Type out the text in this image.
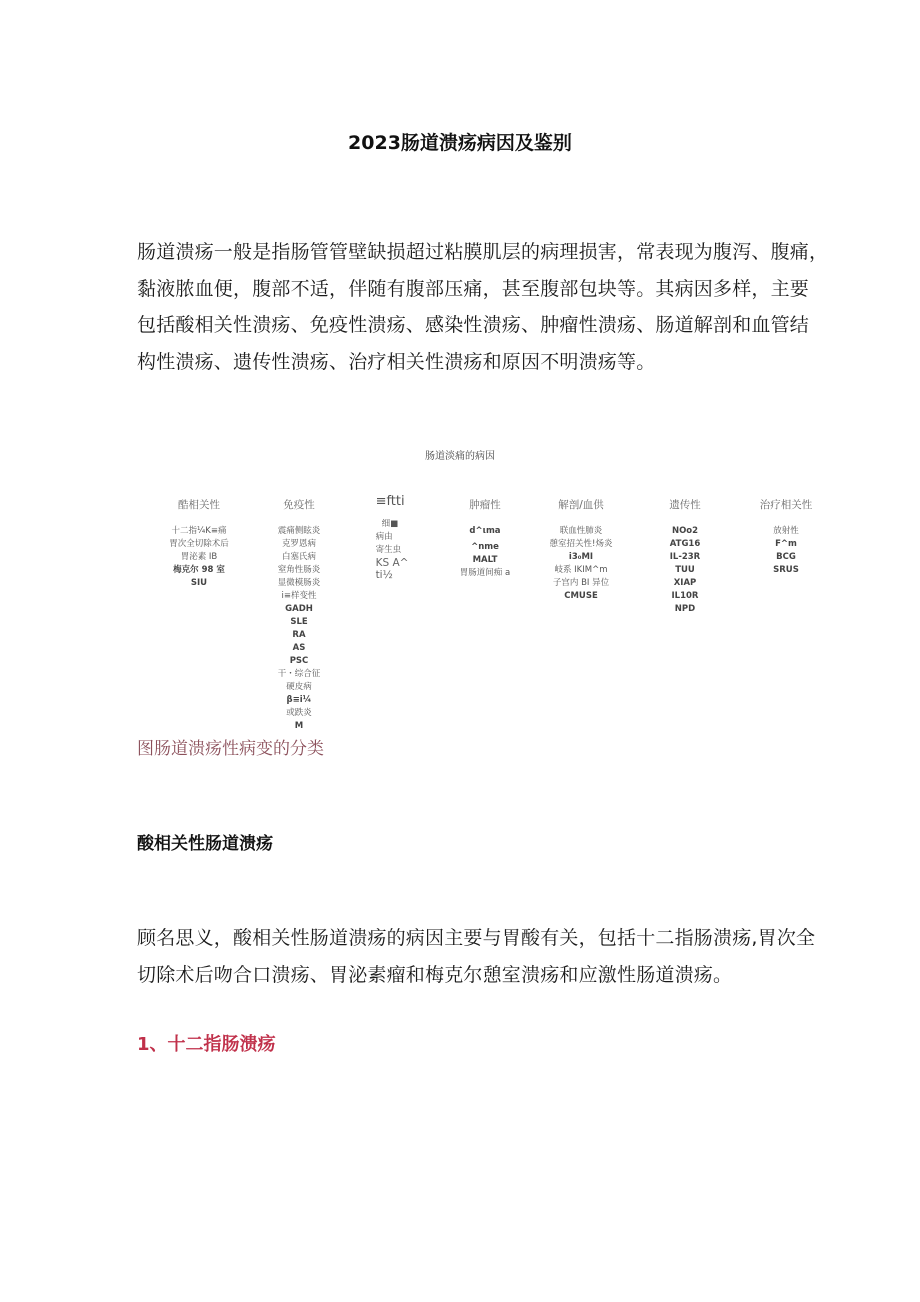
2023肠道溃疡病因及鉴别

肠道溃疡一般是指肠管管壁缺损超过粘膜肌层的病理损害，常表现为腹泻、腹痛，

黏液脓血便，腹部不适，伴随有腹部压痛，甚至腹部包块等。其病因多样，主要

包括酸相关性溃疡、免疫性溃疡、感染性溃疡、肿瘤性溃疡、肠道解剖和血管结

构性溃疡、遗传性溃疡、治疗相关性溃疡和原因不明溃疡等。

肠道淡痛的病因
酷相关性
十二指¼K≡痛
胃次全切除术后
胃泌素 IB
梅克尔 98 室
SIU
免疫性
震痛侧眩炎
克罗恩病
白塞氏病
窒角性肠炎
显微模肠炎
i≡样变性
GADH
SLE
RA
AS
PSC
干・综合征
硬皮病
β≡i¼
或跌炎
M
≡ftti
细■
病由
寄生虫
KS A^
ti½
肿瘤性
d^ιma
^nme
MALT
胃肠道间痴 a
解剖/血供
联血性肺炎
憩室招关性!炀炎
i3₀MI
岐系 IKIM^m
子宫内 BI 异位
CMUSE
遗传性
NOo2
ATG16
IL-23R
TUU
XIAP
IL10R
NPD
治疗相关性
放射性
F^m
BCG
SRUS
图肠道溃疡性病变的分类
酸相关性肠道溃疡

顾名思义，酸相关性肠道溃疡的病因主要与胃酸有关，包括十二指肠溃疡,胃次全

切除术后吻合口溃疡、胃泌素瘤和梅克尔憩室溃疡和应激性肠道溃疡。

1、十二指肠溃疡
